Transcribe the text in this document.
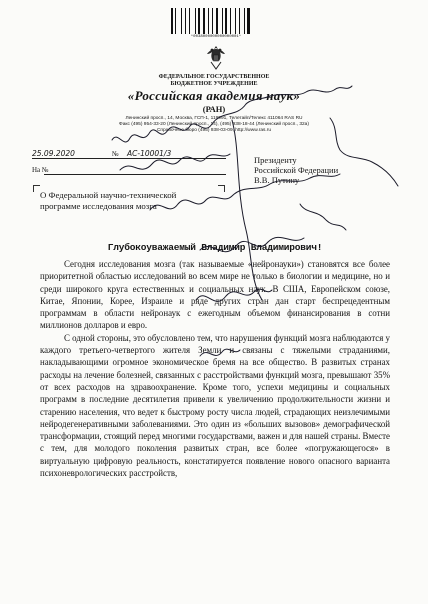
*0038000000000000001*
ФЕДЕРАЛЬНОЕ ГОСУДАРСТВЕННОЕ
БЮДЖЕТНОЕ УЧРЕЖДЕНИЕ
«Российская академия наук»
(РАН)
Ленинский просп., 14, Москва, ГСП-1, 119991, Телетайп/Телекс 411064 RAS RU
Факс (495) 954-33-20 (Ленинский просп., 14), (495) 938-18-44 (Ленинский просп., 32а)
Справочное бюро (495) 938-03-09, http://www.ras.ru
25.09.2020	№ АС-10001/3
На №
Президенту
Российской Федерации
В.В. Путину
О Федеральной научно-технической
программе исследования мозга
Глубокоуважаемый Владимир Владимирович!

Сегодня исследования мозга (так называемые «нейронауки») становятся все более приоритетной областью исследований во всем мире не только в биологии и медицине, но и среди широкого круга естественных и социальных наук. В США, Европейском союзе, Китае, Японии, Корее, Израиле и ряде других стран дан старт беспрецедентным программам в области нейронаук с ежегодным объемом финансирования в сотни миллионов долларов и евро.

С одной стороны, это обусловлено тем, что нарушения функций мозга наблюдаются у каждого третьего-четвертого жителя Земли и связаны с тяжелыми страданиями, накладывающими огромное экономическое бремя на все общество. В развитых странах расходы на лечение болезней, связанных с расстройствами функций мозга, превышают 35% от всех расходов на здравоохранение. Кроме того, успехи медицины и социальных программ в последние десятилетия привели к увеличению продолжительности жизни и старению населения, что ведет к быстрому росту числа людей, страдающих неизлечимыми нейродегенеративными заболеваниями. Это один из «больших вызовов» демографической трансформации, стоящий перед многими государствами, важен и для нашей страны. Вместе с тем, для молодого поколения развитых стран, все более «погружающегося» в виртуальную цифровую реальность, констатируется появление нового опасного варианта психоневрологических расстройств,
